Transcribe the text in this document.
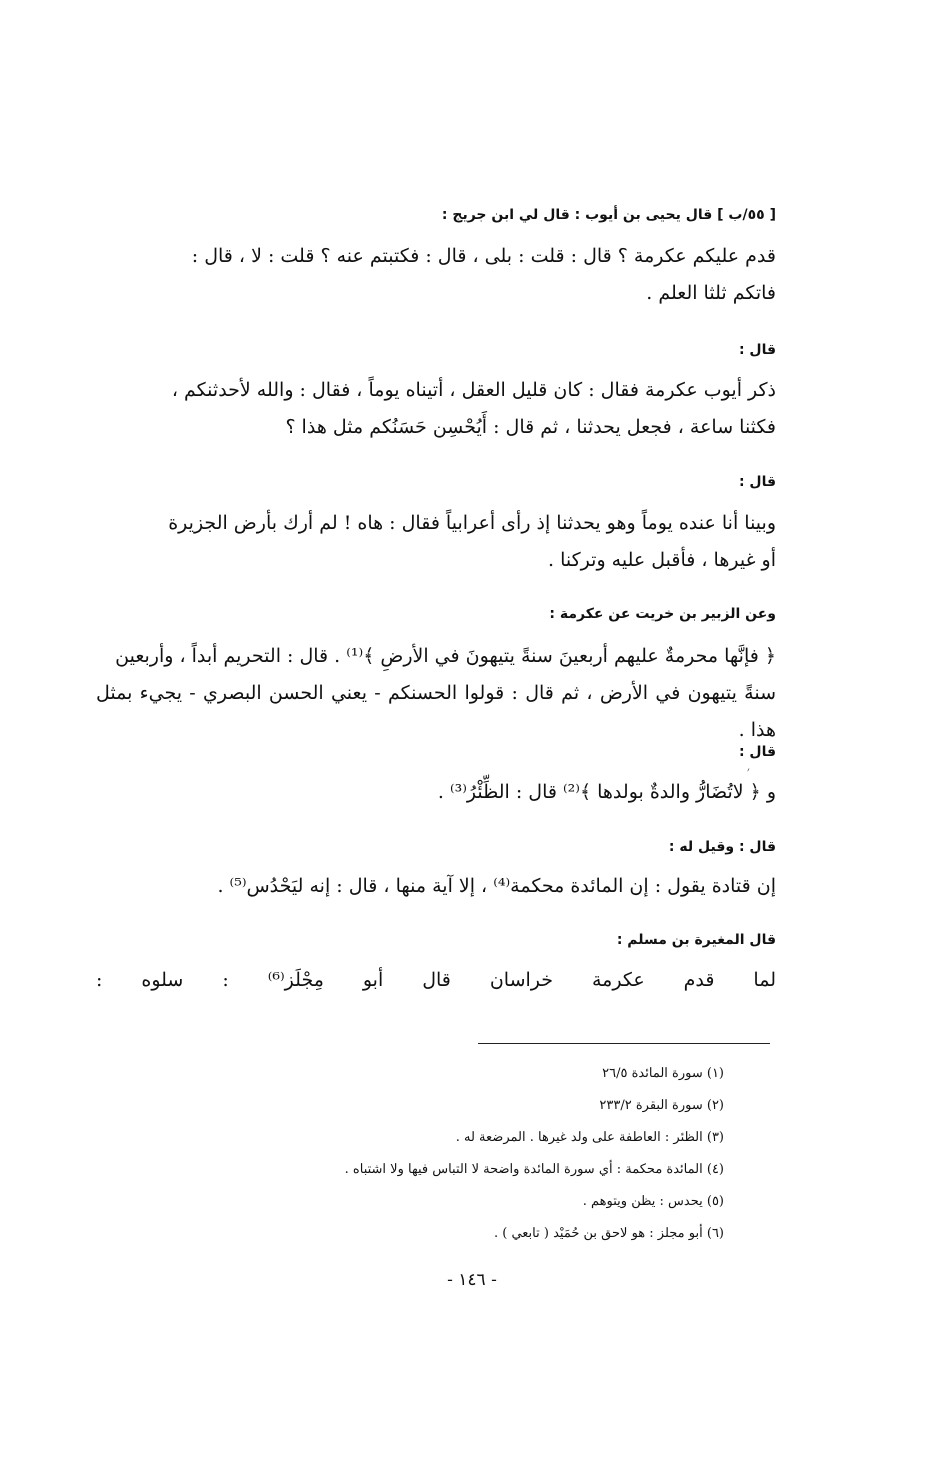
[ ٥٥/ب ] قال يحيى بن أيوب : قال لي ابن جريج :
قدم عليكم عكرمة ؟ قال : قلت : بلى ، قال : فكتبتم عنه ؟ قلت : لا ، قال :
فاتكم ثلثا العلم .
قال :
ذكر أيوب عكرمة فقال : كان قليل العقل ، أتيناه يوماً ، فقال : والله لأحدثنكم ،
فكثنا ساعة ، فجعل يحدثنا ، ثم قال : أَيُحْسِن حَسَنُكم مثل هذا ؟
قال :
وبينا أنا عنده يوماً وهو يحدثنا إذ رأى أعرابياً فقال : هاه ! لم أرك بأرض الجزيرة
أو غيرها ، فأقبل عليه وتركنا .
وعن الزبير بن خريت عن عكرمة :
﴿ فإنَّها محرمةٌ عليهم أربعينَ سنةً يتيهونَ في الأرضِ ﴾⁽¹⁾ . قال : التحريم أبداً ، وأربعين
سنةً يتيهون في الأرض ، ثم قال : قولوا الحسنكم - يعني الحسن البصري - يجيء بمثل هذا .
قال :
و ﴿ لاتُضَارُّ والدةٌ بولدها ﴾⁽²⁾ قال : الظِّئْرُ⁽³⁾ .
׳
قال : وقيل له :
إن قتادة يقول : إن المائدة محكمة⁽⁴⁾ ، إلا آية منها ، قال : إنه ليَحْدُس⁽⁵⁾ .
قال المغيرة بن مسلم :
لما قدم عكرمة خراسان قال أبو مِجْلَز⁽⁶⁾ : سلوه :
(١) سورة المائدة ٢٦/٥
(٢) سورة البقرة ٢٣٣/٢
(٣) الظئر : العاطفة على ولد غيرها . المرضعة له .
(٤) المائدة محكمة : أي سورة المائدة واضحة لا التباس فيها ولا اشتباه .
(٥) يحدس : يظن ويتوهم .
(٦) أبو مجلز : هو لاحق بن حُمَيْد ( تابعي ) .
- ١٤٦ -
